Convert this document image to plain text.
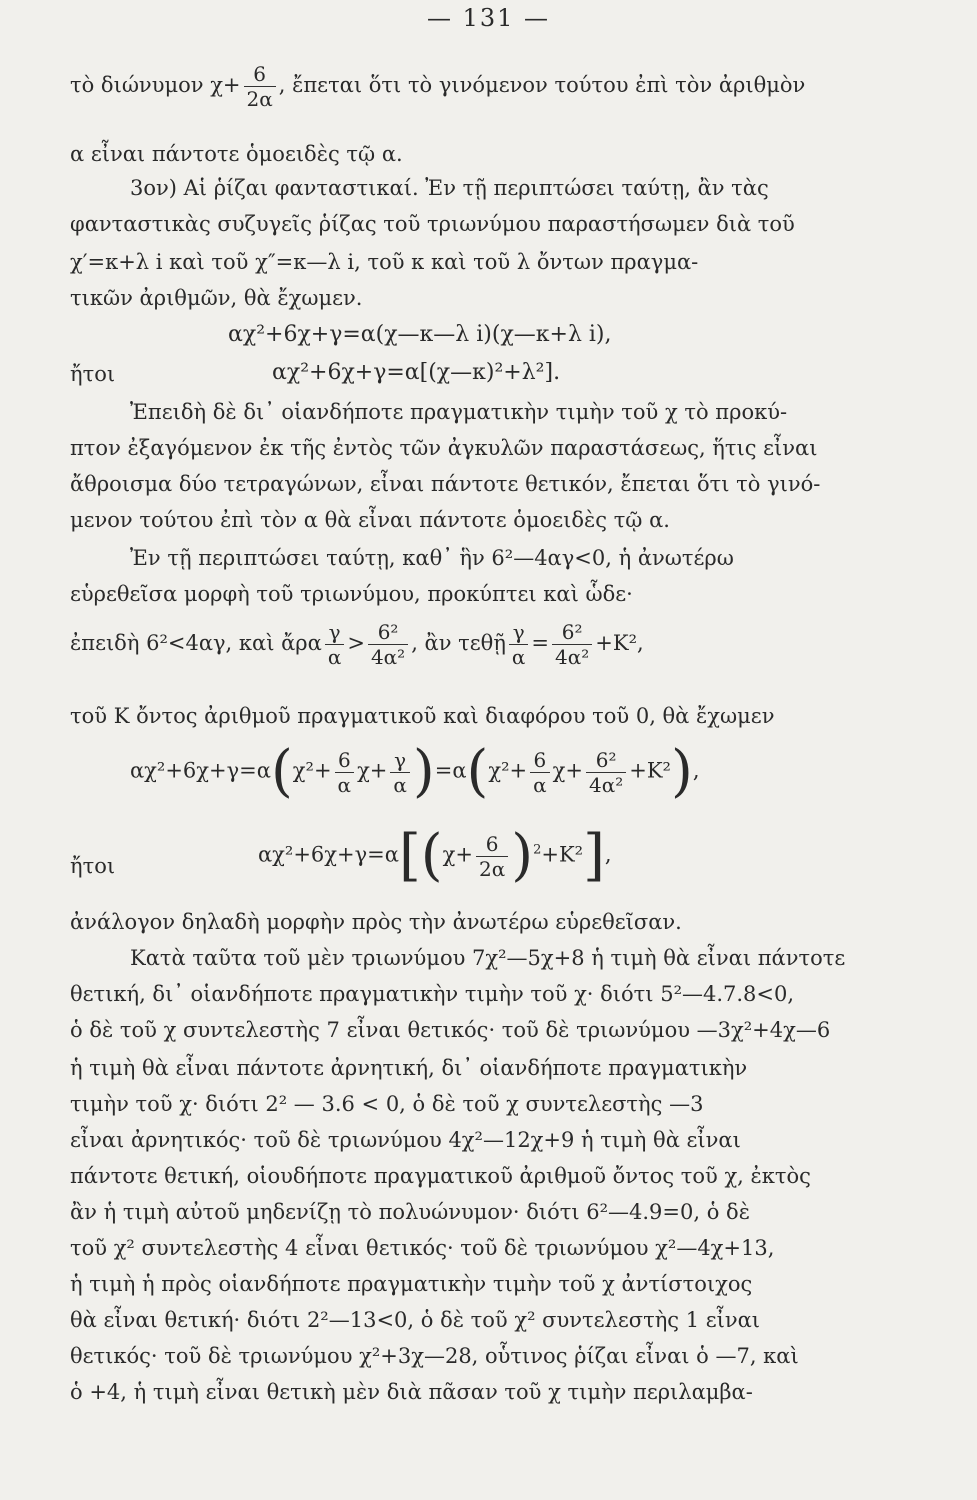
— 131 —
τὸ διώνυμον $\chi+ \frac{6}{2\alpha}$ , ἔπεται ὅτι τὸ γινόμενον τούτου ἐπὶ τὸν ἀριθμὸν
α εἶναι πάντοτε ὁμοειδὲς τῷ α.
3ον) Αἱ ῥίζαι φανταστικαί. Ἐν τῇ περιπτώσει ταύτῃ, ἂν τὰς
φανταστικὰς συζυγεῖς ῥίζας τοῦ τριωνύμου παραστήσωμεν διὰ τοῦ
χ′=κ+λ i καὶ τοῦ χ″=κ—λ i, τοῦ κ καὶ τοῦ λ ὄντων πραγμα-
τικῶν ἀριθμῶν, θὰ ἔχωμεν.
αχ²+6χ+γ=α(χ—κ—λ i)(χ—κ+λ i),
ἤτοι	αχ²+6χ+γ=α[(χ—κ)²+λ²].
Ἐπειδὴ δὲ δι᾿ οἱανδήποτε πραγματικὴν τιμὴν τοῦ χ τὸ προκύ-
πτον ἐξαγόμενον ἐκ τῆς ἐντὸς τῶν ἀγκυλῶν παραστάσεως, ἥτις εἶναι
ἄθροισμα δύο τετραγώνων, εἶναι πάντοτε θετικόν, ἔπεται ὅτι τὸ γινό-
μενον τούτου ἐπὶ τὸν α θὰ εἶναι πάντοτε ὁμοειδὲς τῷ α.
Ἐν τῇ περιπτώσει ταύτῃ, καθ᾿ ἣν 6²—4αγ<0, ἡ ἀνωτέρω
εὑρεθεῖσα μορφὴ τοῦ τριωνύμου, προκύπτει καὶ ὧδε·
ἐπειδὴ 6²<4αγ, καὶ ἄρα $\frac{\gamma}{\alpha} > \frac{\text{6²}}{\text{4α²}}$ , ἂν τεθῇ $\frac{\gamma}{\alpha} = \frac{\text{6²}}{\text{4α²}} +K^2$,
τοῦ Κ ὄντος ἀριθμοῦ πραγματικοῦ καὶ διαφόρου τοῦ 0, θὰ ἔχωμεν
$\alpha\chi^2+6\chi+\gamma=\alpha(\chi^2+ \frac{6}{\alpha} \chi+ \frac{\gamma}{\alpha} )=\alpha(\chi^2+ \frac{6}{\alpha} \chi+ \frac{\text{6²}}{\text{4α²}} +K^2)$,
ἤτοι	$\alpha\chi^2+6\chi+\gamma=\alpha[(\chi+ \frac{6}{2\alpha} )^2+K^2]$,
ἀνάλογον δηλαδὴ μορφὴν πρὸς τὴν ἀνωτέρω εὑρεθεῖσαν.
Κατὰ ταῦτα τοῦ μὲν τριωνύμου 7χ²—5χ+8 ἡ τιμὴ θὰ εἶναι πάντοτε
θετική, δι᾿ οἱανδήποτε πραγματικὴν τιμὴν τοῦ χ· διότι 5²—4.7.8<0,
ὁ δὲ τοῦ χ συντελεστὴς 7 εἶναι θετικός· τοῦ δὲ τριωνύμου —3χ²+4χ—6
ἡ τιμὴ θὰ εἶναι πάντοτε ἀρνητική, δι᾿ οἱανδήποτε πραγματικὴν
τιμὴν τοῦ χ· διότι 2² — 3.6 < 0, ὁ δὲ τοῦ χ συντελεστὴς —3
εἶναι ἀρνητικός· τοῦ δὲ τριωνύμου 4χ²—12χ+9 ἡ τιμὴ θὰ εἶναι
πάντοτε θετική, οἱουδήποτε πραγματικοῦ ἀριθμοῦ ὄντος τοῦ χ, ἐκτὸς
ἂν ἡ τιμὴ αὐτοῦ μηδενίζῃ τὸ πολυώνυμον· διότι 6²—4.9=0, ὁ δὲ
τοῦ χ² συντελεστὴς 4 εἶναι θετικός· τοῦ δὲ τριωνύμου χ²—4χ+13,
ἡ τιμὴ ἡ πρὸς οἱανδήποτε πραγματικὴν τιμὴν τοῦ χ ἀντίστοιχος
θὰ εἶναι θετική· διότι 2²—13<0, ὁ δὲ τοῦ χ² συντελεστὴς 1 εἶναι
θετικός· τοῦ δὲ τριωνύμου χ²+3χ—28, οὗτινος ῥίζαι εἶναι ὁ —7, καὶ
ὁ +4, ἡ τιμὴ εἶναι θετικὴ μὲν διὰ πᾶσαν τοῦ χ τιμὴν περιλαμβα-
